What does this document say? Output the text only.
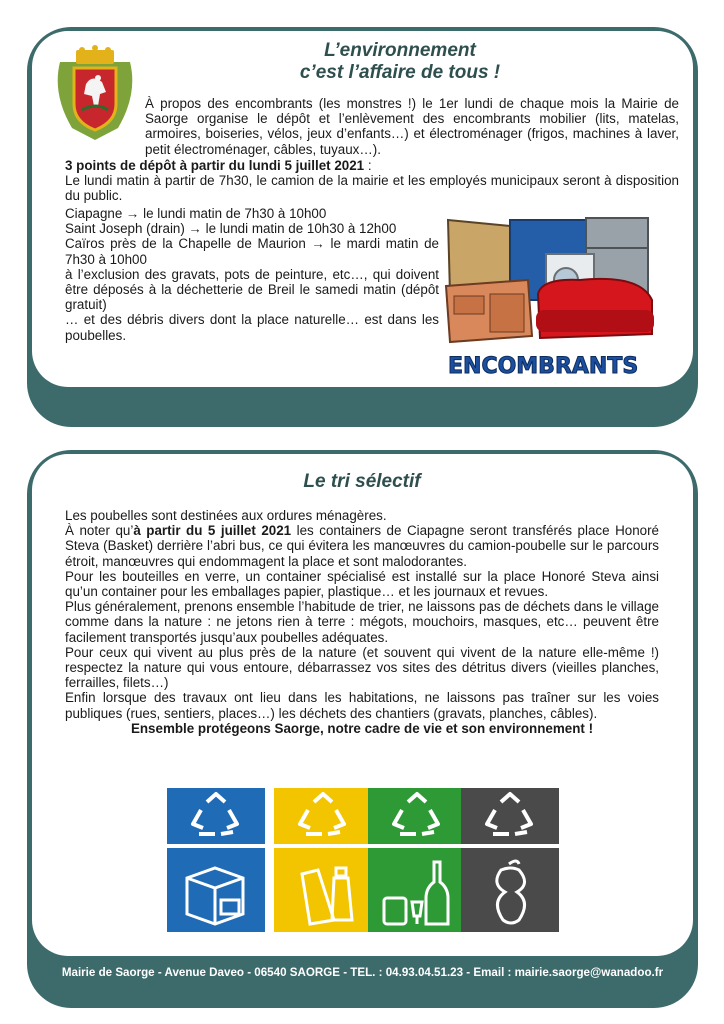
L’environnement
c’est l’affaire de tous !

À propos des encombrants (les monstres !) le 1er lundi de chaque mois la Mairie de Saorge organise le dépôt et l’enlèvement des encombrants mobilier (lits, matelas, armoires, boiseries, vélos, jeux d’enfants…) et électroménager (frigos, machines à laver, petit électroménager, câbles, tuyaux…).

3 points de dépôt à partir du lundi 5 juillet 2021 :

Le lundi matin à partir de 7h30, le camion de la mairie et les employés municipaux seront à disposition du public.

Ciapagne → le lundi matin de 7h30 à 10h00

Saint Joseph (drain) → le lundi matin de 10h30 à 12h00

Caïros près de la Chapelle de Maurion → le mardi matin de 7h30 à 10h00

à l’exclusion des gravats, pots de peinture, etc…, qui doivent être déposés à la déchetterie de Breil le samedi matin (dépôt gratuit)

… et des débris divers dont la place naturelle… est dans les poubelles.

ENCOMBRANTS
Le tri sélectif

Les poubelles sont destinées aux ordures ménagères.

À noter qu’à partir du 5 juillet 2021 les containers de Ciapagne seront transférés place Honoré Steva (Basket) derrière l’abri bus, ce qui évitera les manœuvres du camion-poubelle sur le parcours étroit, manœuvres qui endommagent la place et sont malodorantes.

Pour les bouteilles en verre, un container spécialisé est installé sur la place Honoré Steva ainsi qu’un container pour les emballages papier, plastique… et les journaux et revues.

Plus généralement, prenons ensemble l’habitude de trier, ne laissons pas de déchets dans le village comme dans la nature : ne jetons rien à terre : mégots, mouchoirs, masques, etc… peuvent être facilement transportés jusqu’aux poubelles adéquates.

Pour ceux qui vivent au plus près de la nature (et souvent qui vivent de la nature elle-même !) respectez la nature qui vous entoure, débarrassez vos sites des détritus divers (vieilles planches, ferrailles, filets…)

Enfin lorsque des travaux ont lieu dans les habitations, ne laissons pas traîner sur les voies publiques (rues, sentiers, places…) les déchets des chantiers (gravats, planches, câbles).

Ensemble protégeons Saorge, notre cadre de vie et son environnement !

Mairie de Saorge - Avenue Daveo - 06540 SAORGE - TEL. : 04.93.04.51.23 - Email : mairie.saorge@wanadoo.fr
